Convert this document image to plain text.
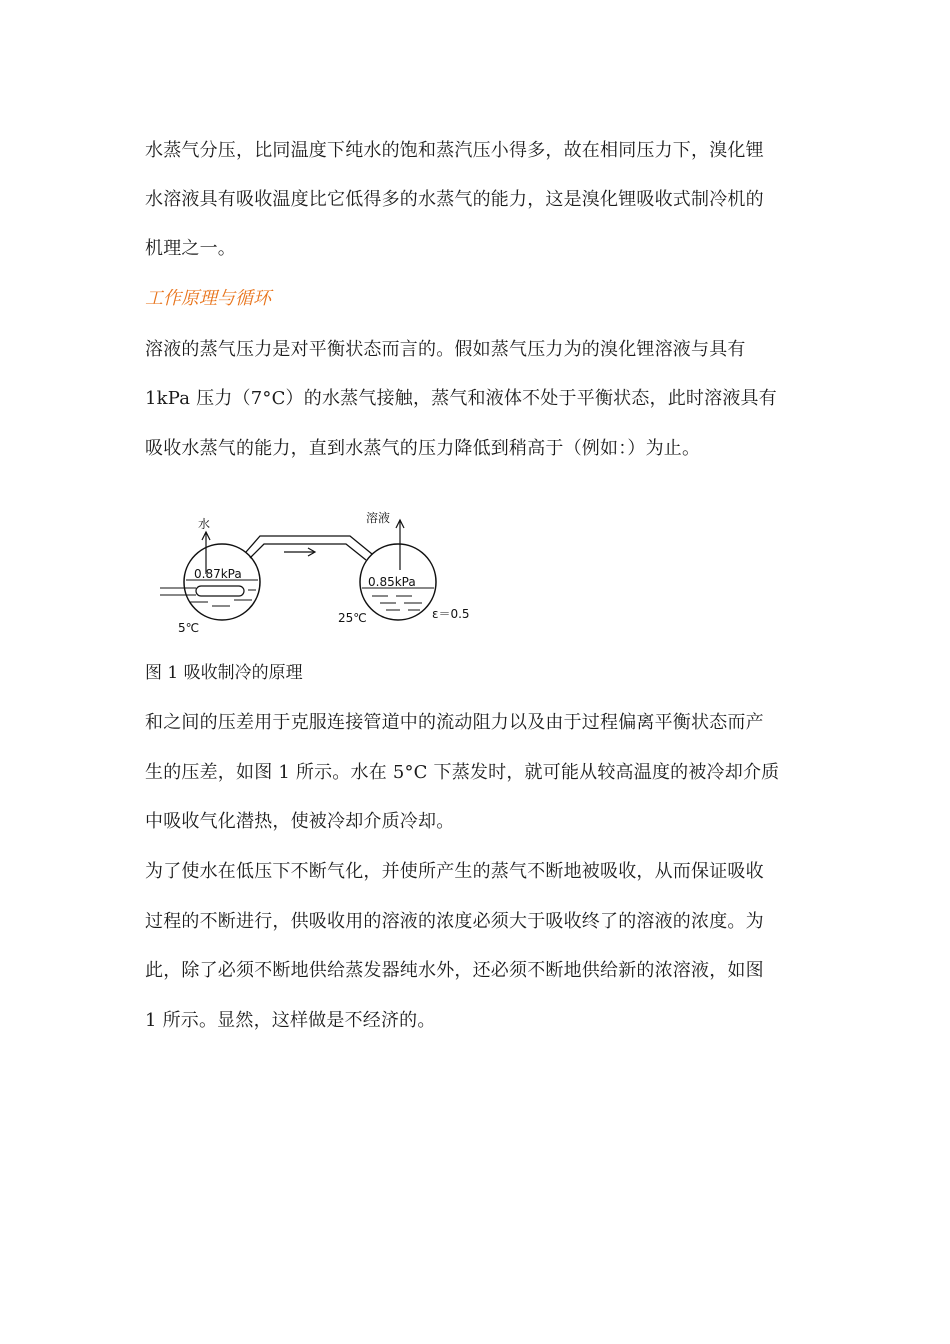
水蒸气分压，比同温度下纯水的饱和蒸汽压小得多，故在相同压力下，溴化锂
水溶液具有吸收温度比它低得多的水蒸气的能力，这是溴化锂吸收式制冷机的
机理之一。
工作原理与循环
溶液的蒸气压力是对平衡状态而言的。假如蒸气压力为的溴化锂溶液与具有
1kPa 压力（7°C）的水蒸气接触，蒸气和液体不处于平衡状态，此时溶液具有
吸收水蒸气的能力，直到水蒸气的压力降低到稍高于（例如：）为止。
水	溶液
0.87kPa
0.85kPa
5℃
25℃	ε＝0.5
图 1 吸收制冷的原理
和之间的压差用于克服连接管道中的流动阻力以及由于过程偏离平衡状态而产
生的压差，如图 1 所示。水在 5°C 下蒸发时，就可能从较高温度的被冷却介质
中吸收气化潜热，使被冷却介质冷却。
为了使水在低压下不断气化，并使所产生的蒸气不断地被吸收，从而保证吸收
过程的不断进行，供吸收用的溶液的浓度必须大于吸收终了的溶液的浓度。为
此，除了必须不断地供给蒸发器纯水外，还必须不断地供给新的浓溶液，如图
1 所示。显然，这样做是不经济的。
